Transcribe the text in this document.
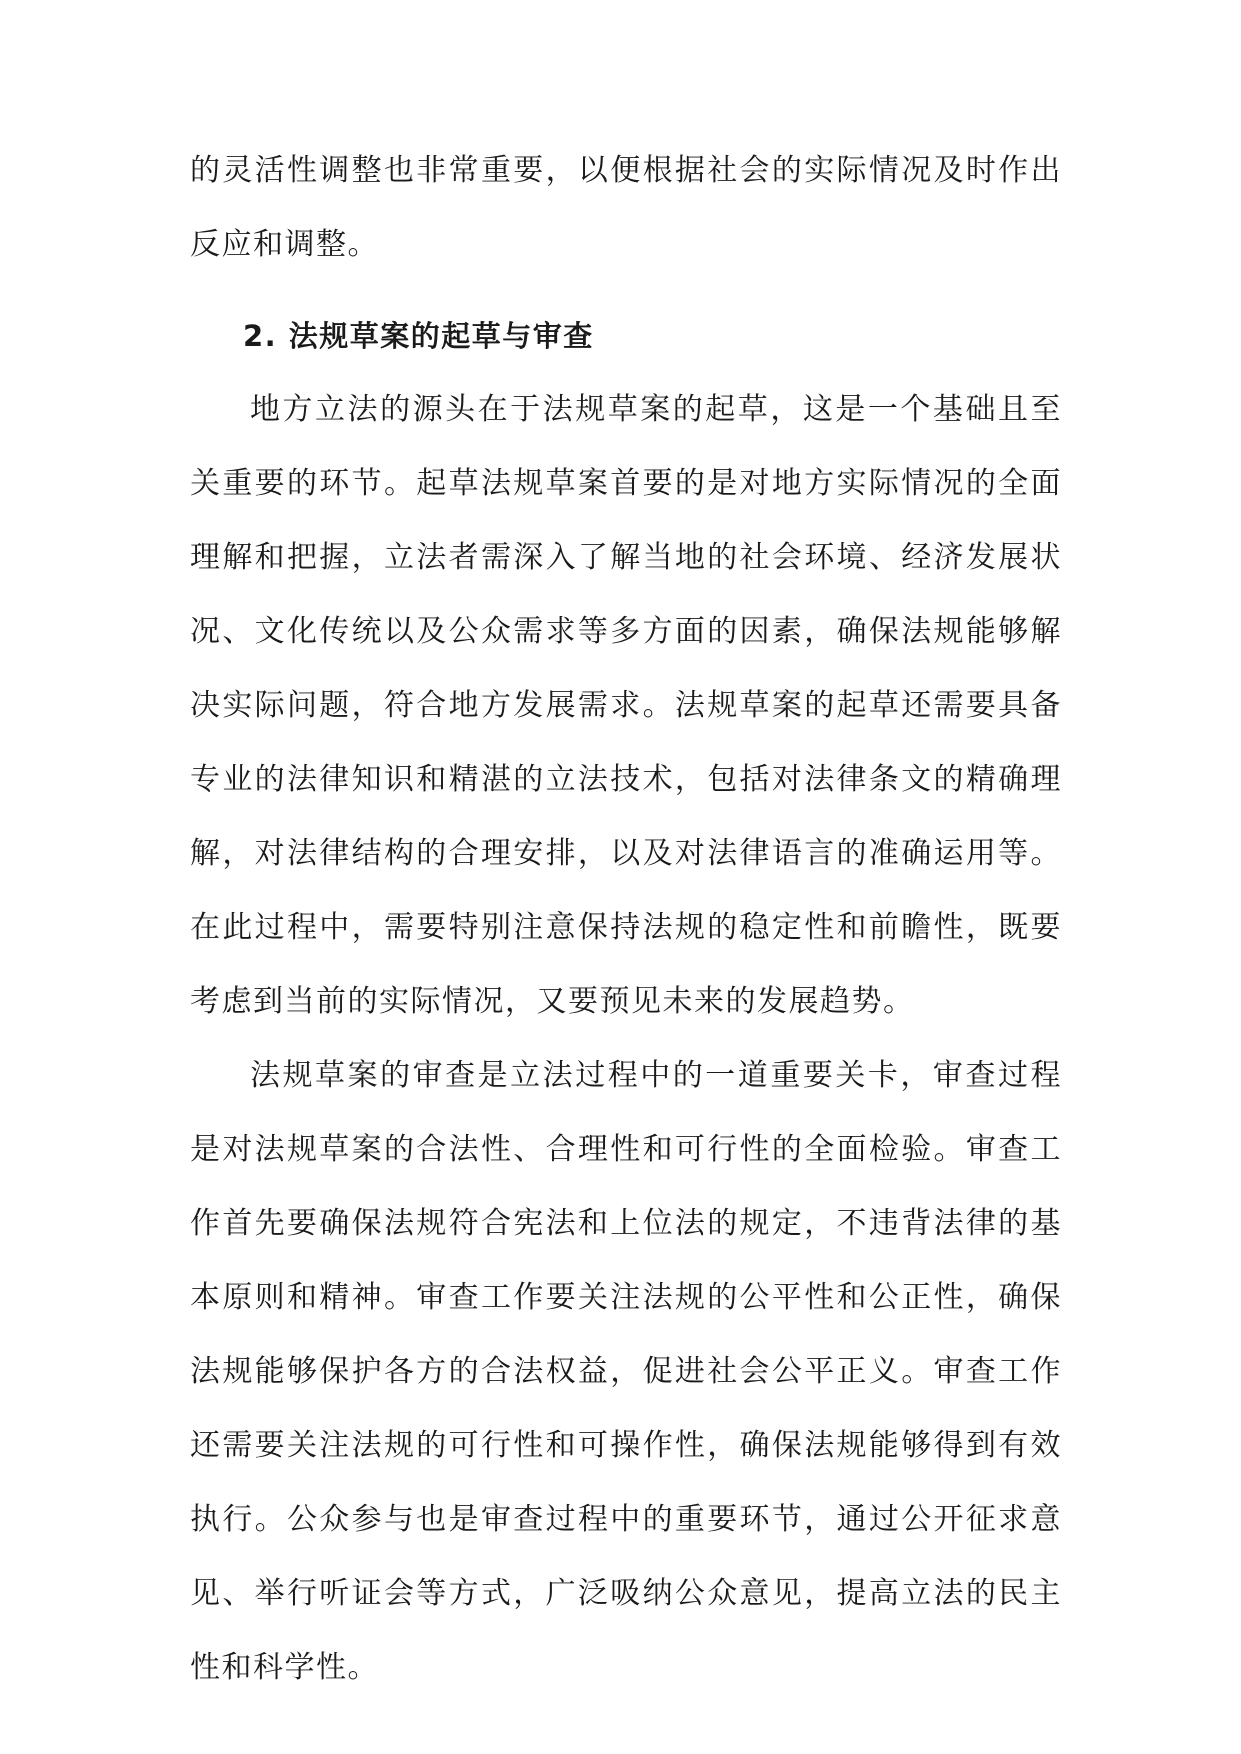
的灵活性调整也非常重要，以便根据社会的实际情况及时作出反应和调整。

2. 法规草案的起草与审查

地方立法的源头在于法规草案的起草，这是一个基础且至关重要的环节。起草法规草案首要的是对地方实际情况的全面理解和把握，立法者需深入了解当地的社会环境、经济发展状况、文化传统以及公众需求等多方面的因素，确保法规能够解决实际问题，符合地方发展需求。法规草案的起草还需要具备专业的法律知识和精湛的立法技术，包括对法律条文的精确理解，对法律结构的合理安排，以及对法律语言的准确运用等。在此过程中，需要特别注意保持法规的稳定性和前瞻性，既要考虑到当前的实际情况，又要预见未来的发展趋势。

法规草案的审查是立法过程中的一道重要关卡，审查过程是对法规草案的合法性、合理性和可行性的全面检验。审查工作首先要确保法规符合宪法和上位法的规定，不违背法律的基本原则和精神。审查工作要关注法规的公平性和公正性，确保法规能够保护各方的合法权益，促进社会公平正义。审查工作还需要关注法规的可行性和可操作性，确保法规能够得到有效执行。公众参与也是审查过程中的重要环节，通过公开征求意见、举行听证会等方式，广泛吸纳公众意见，提高立法的民主性和科学性。
